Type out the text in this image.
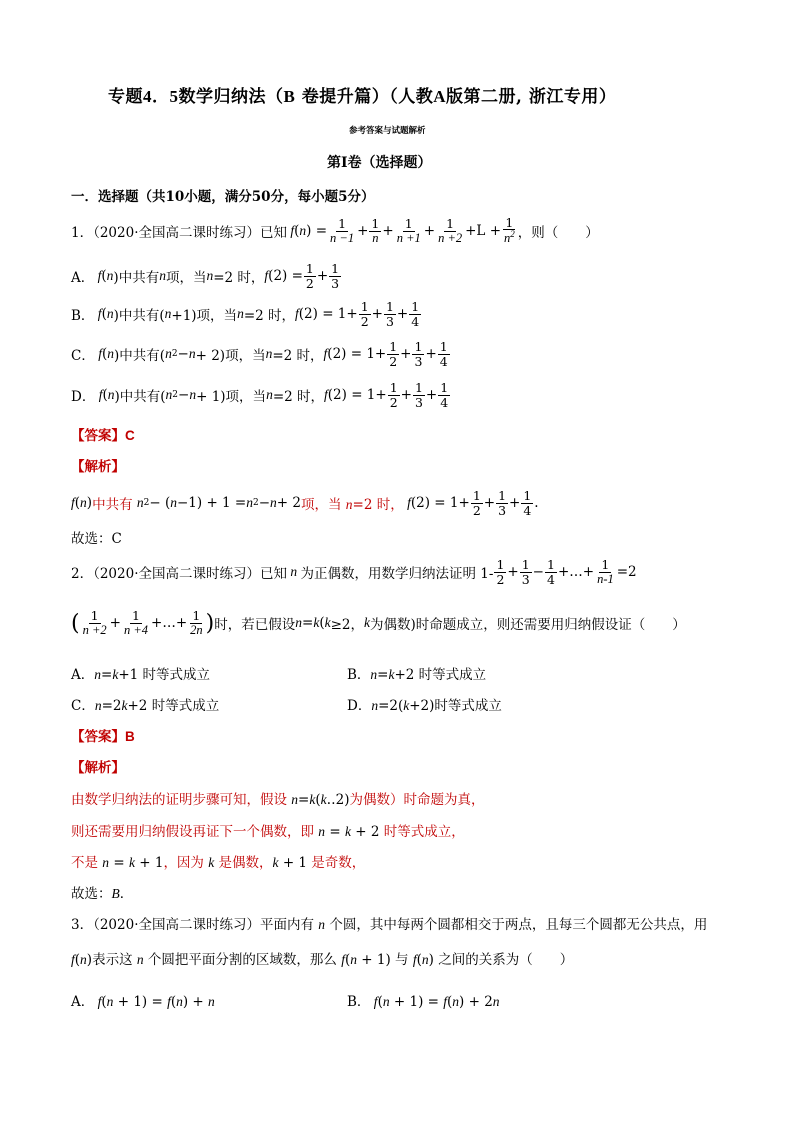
专题4．5数学归纳法（B 卷提升篇）（人教A版第二册, 浙江专用）
参考答案与试题解析
第Ⅰ卷（选择题）
一．选择题（共10小题，满分50分，每小题5分）
1．（2020·全国高二课时练习）已知 f ( n ) = $\frac{1}{n -1} + \frac{1}{n} + \frac{1}{n +1} + \frac{1}{n +2} +L + \frac{1}{n^2}$ ，则（　　）
A． f ( n )中共有 n 项，当 n =2 时， f $(2) = \frac{1}{2} + \frac{1}{3}$
B． f ( n )中共有( n +1)项，当 n =2 时， f $(2) = 1+ \frac{1}{2} + \frac{1}{3} + \frac{1}{4}$
C． f ( n )中共有( n 2 − n + 2)项，当 n =2 时， f $(2) = 1+ \frac{1}{2} + \frac{1}{3} + \frac{1}{4}$
D． f ( n )中共有( n 2 − n + 1)项，当 n =2 时， f $(2) = 1+ \frac{1}{2} + \frac{1}{3} + \frac{1}{4}$
【答案】C
【解析】
f ( n ) 中共有
n 2 − ( n −1) + 1 = n 2 − n + 2 项，当 n=2 时， f $(2) = 1+ \frac{1}{2} + \frac{1}{3} + \frac{1}{4}$ .
故选：C
2．（2020·全国高二课时练习）已知 n 为正偶数，用数学归纳法证明 $1- \frac{1}{2} + \frac{1}{3} - \frac{1}{4}$ +…+ $\frac{1}{n-1} =2$
( $\frac{1}{n +2} + \frac{1}{n +4}$ +…+ $\frac{1}{2n}$ ) 时，若已假设 n = k ( k ≥2， k 为偶数)时命题成立，则还需要用归纳假设证（　　）
A．n=k+1 时等式成立	B．n=k+2 时等式成立
C．n=2k+2 时等式成立	D．n=2(k+2)时等式成立
【答案】B
【解析】
由数学归纳法的证明步骤可知，假设 n=k(k‥2)为偶数）时命题为真，
则还需要用归纳假设再证下一个偶数，即 n = k + 2 时等式成立，
不是 n = k + 1，因为 k 是偶数，k + 1 是奇数，
故选：B．
3．（2020·全国高二课时练习）平面内有 n 个圆，其中每两个圆都相交于两点，且每三个圆都无公共点，用
f(n)表示这 n 个圆把平面分割的区域数，那么 f(n + 1) 与 f(n) 之间的关系为（　　）
A． f(n + 1) = f(n) + n	B． f(n + 1) = f(n) + 2n
